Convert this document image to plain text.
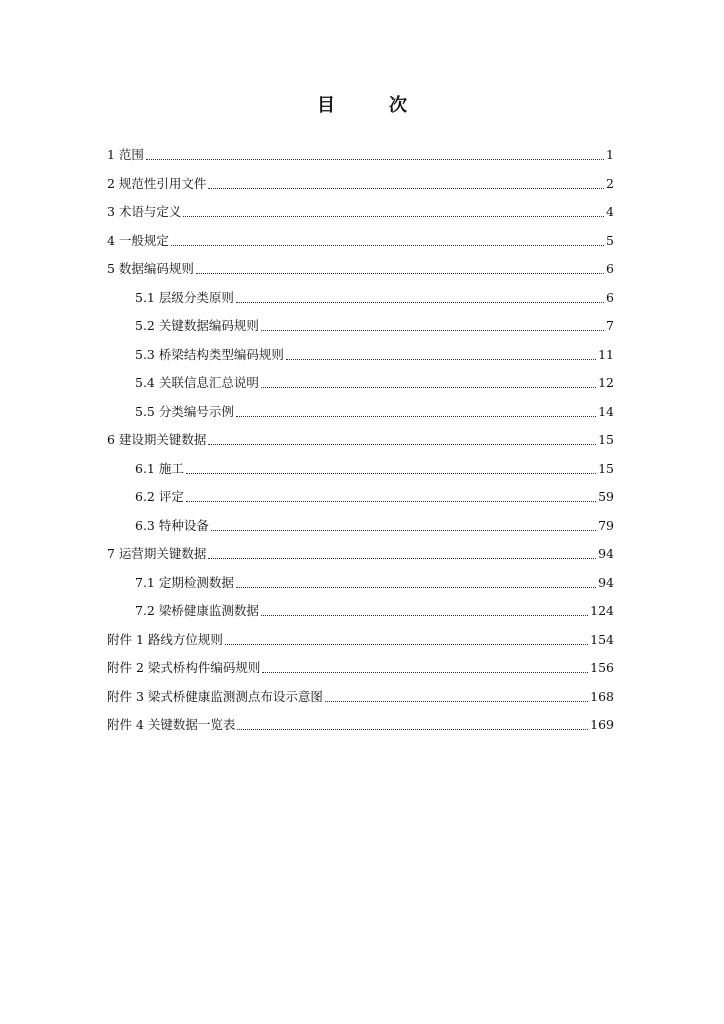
目　次
1 范围	1
2 规范性引用文件	2
3 术语与定义	4
4 一般规定	5
5 数据编码规则	6
5.1 层级分类原则	6
5.2 关键数据编码规则	7
5.3 桥梁结构类型编码规则	11
5.4 关联信息汇总说明	12
5.5 分类编号示例	14
6 建设期关键数据	15
6.1 施工	15
6.2 评定	59
6.3 特种设备	79
7 运营期关键数据	94
7.1 定期检测数据	94
7.2 梁桥健康监测数据	124
附件 1 路线方位规则	154
附件 2 梁式桥构件编码规则	156
附件 3 梁式桥健康监测测点布设示意图	168
附件 4 关键数据一览表	169
